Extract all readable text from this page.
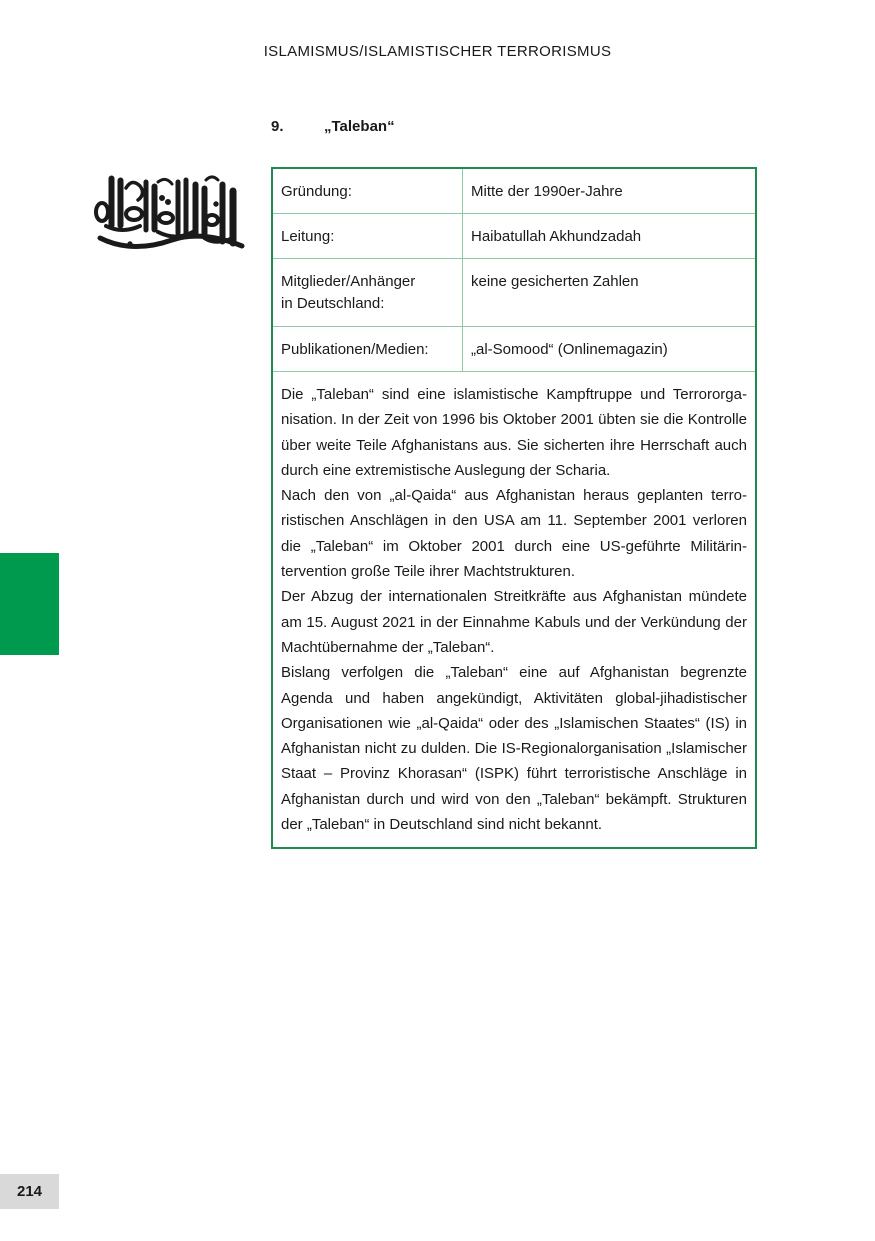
ISLAMISMUS/ISLAMISTISCHER TERRORISMUS
9.	„Taleban“
Gründung:	Mitte der 1990er-Jahre
Leitung:	Haibatullah Akhundzadah
Mitglieder/Anhänger
in Deutschland:	keine gesicherten Zahlen
Publikationen/Medien:	„al-Somood“ (Onlinemagazin)

Die „Taleban“ sind eine islamistische Kampftruppe und Terrororganisation. In der Zeit von 1996 bis Oktober 2001 übten sie die Kontrolle über weite Teile Afghanistans aus. Sie sicherten ihre Herrschaft auch durch eine extremistische Auslegung der Scharia.

Nach den von „al-Qaida“ aus Afghanistan heraus geplanten terroristischen Anschlägen in den USA am 11. September 2001 verloren die „Taleban“ im Oktober 2001 durch eine US-geführte Militärintervention große Teile ihrer Machtstrukturen.

Der Abzug der internationalen Streitkräfte aus Afghanistan mündete am 15. August 2021 in der Einnahme Kabuls und der Verkündung der Machtübernahme der „Taleban“.

Bislang verfolgen die „Taleban“ eine auf Afghanistan begrenzte Agenda und haben angekündigt, Aktivitäten global-jihadistischer Organisationen wie „al-Qaida“ oder des „Islamischen Staates“ (IS) in Afghanistan nicht zu dulden. Die IS-Regionalorganisation „Islamischer Staat – Provinz Khorasan“ (ISPK) führt terroristische Anschläge in Afghanistan durch und wird von den „Taleban“ bekämpft. Strukturen der „Taleban“ in Deutschland sind nicht bekannt.

214
